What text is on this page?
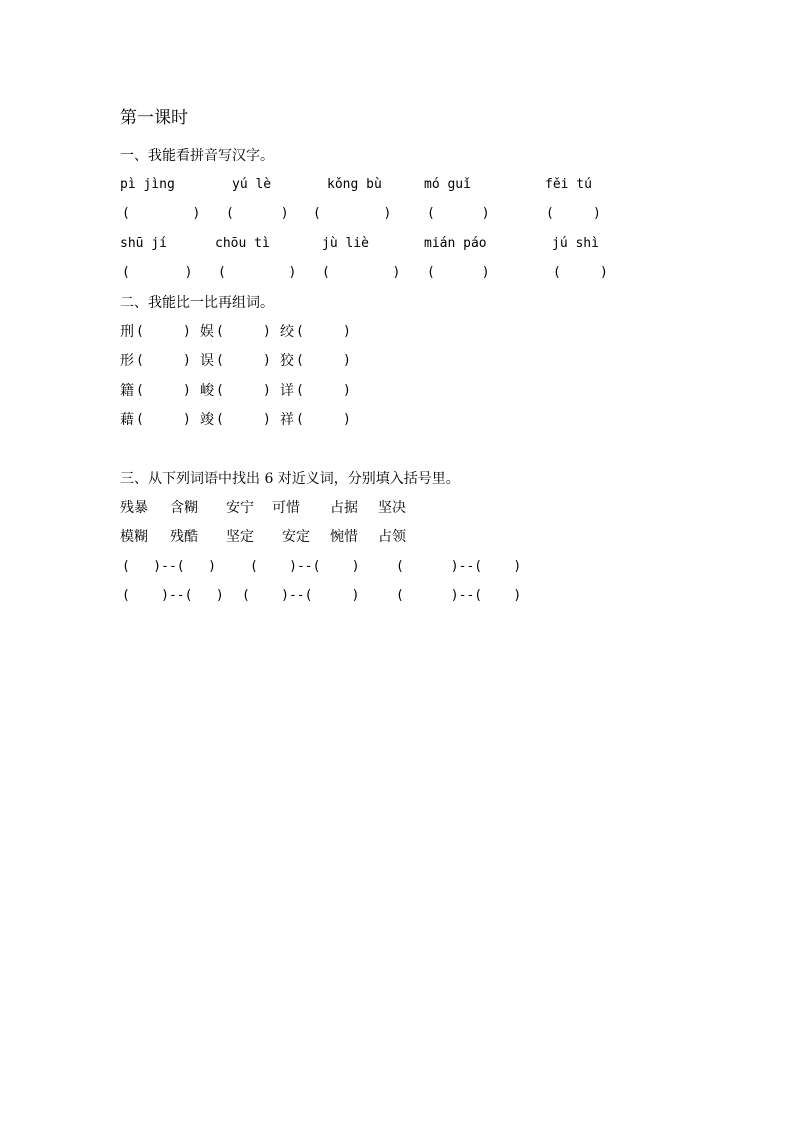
第一课时
一、我能看拼音写汉字。
pì jìng	yú lè	kǒng bù	mó guǐ	fěi tú
(        ) (      ) (        )	(      )	(     )
shū jí	chōu tì	jù liè	mián páo	jú shì
(       ) (        ) (        ) (      )	(     )
二、我能比一比再组词。
刑 (     ) 娱 (     ) 绞 (     )
形 (     ) 误 (     ) 狡 (     )
籍 (     ) 峻 (     ) 详 (     )
藉 (     ) 竣 (     ) 祥 (     )
三、从下列词语中找出 6 对近义词，分别填入括号里。
残暴 含糊 安宁 可惜 占据 坚决
模糊 残酷 坚定 安定 惋惜 占领
(   )--(   )	(    )--(    )	(      )--(    )
(    )--(   ) (    )--(     )	(      )--(    )
